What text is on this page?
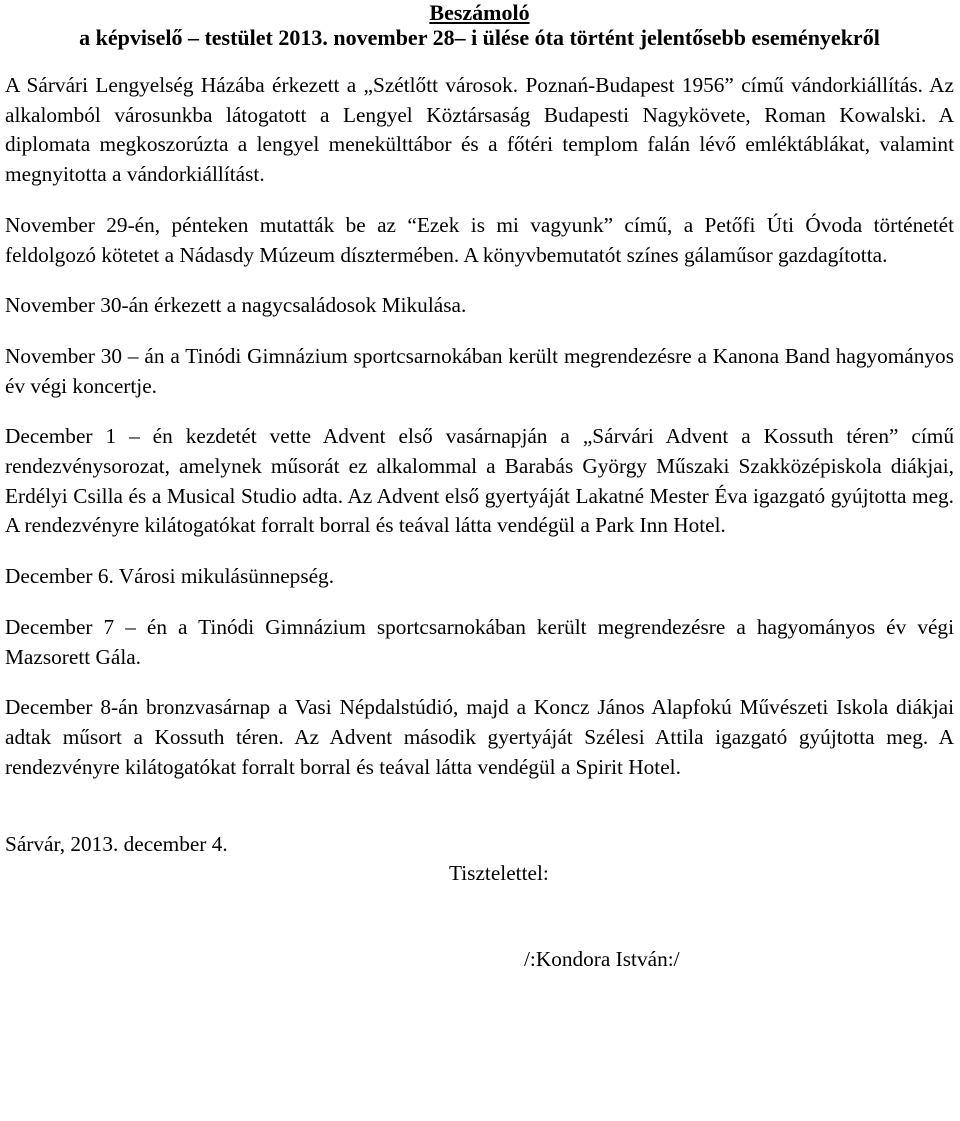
Beszámoló
a képviselő – testület 2013. november 28– i ülése óta történt jelentősebb eseményekről

A Sárvári Lengyelség Házába érkezett a „Szétlőtt városok. Poznań-Budapest 1956” című vándorkiállítás. Az alkalomból városunkba látogatott a Lengyel Köztársaság Budapesti Nagykövete, Roman Kowalski. A diplomata megkoszorúzta a lengyel menekülttábor és a főtéri templom falán lévő emléktáblákat, valamint megnyitotta a vándorkiállítást.

November 29-én, pénteken mutatták be az “Ezek is mi vagyunk” című, a Petőfi Úti Óvoda történetét feldolgozó kötetet a Nádasdy Múzeum dísztermében. A könyvbemutatót színes gálaműsor gazdagította.

November 30-án érkezett a nagycsaládosok Mikulása.

November 30 – án a Tinódi Gimnázium sportcsarnokában került megrendezésre a Kanona Band hagyományos év végi koncertje.

December 1 – én kezdetét vette Advent első vasárnapján a „Sárvári Advent a Kossuth téren” című rendezvénysorozat, amelynek műsorát ez alkalommal a Barabás György Műszaki Szakközépiskola diákjai, Erdélyi Csilla és a Musical Studio adta. Az Advent első gyertyáját Lakatné Mester Éva igazgató gyújtotta meg. A rendezvényre kilátogatókat forralt borral és teával látta vendégül a Park Inn Hotel.

December 6. Városi mikulásünnepség.

December 7 – én a Tinódi Gimnázium sportcsarnokában került megrendezésre a hagyományos év végi Mazsorett Gála.

December 8-án bronzvasárnap a Vasi Népdalstúdió, majd a Koncz János Alapfokú Művészeti Iskola diákjai adtak műsort a Kossuth téren. Az Advent második gyertyáját Szélesi Attila igazgató gyújtotta meg. A rendezvényre kilátogatókat forralt borral és teával látta vendégül a Spirit Hotel.

Sárvár, 2013. december 4.
Tisztelettel:
/:Kondora István:/
